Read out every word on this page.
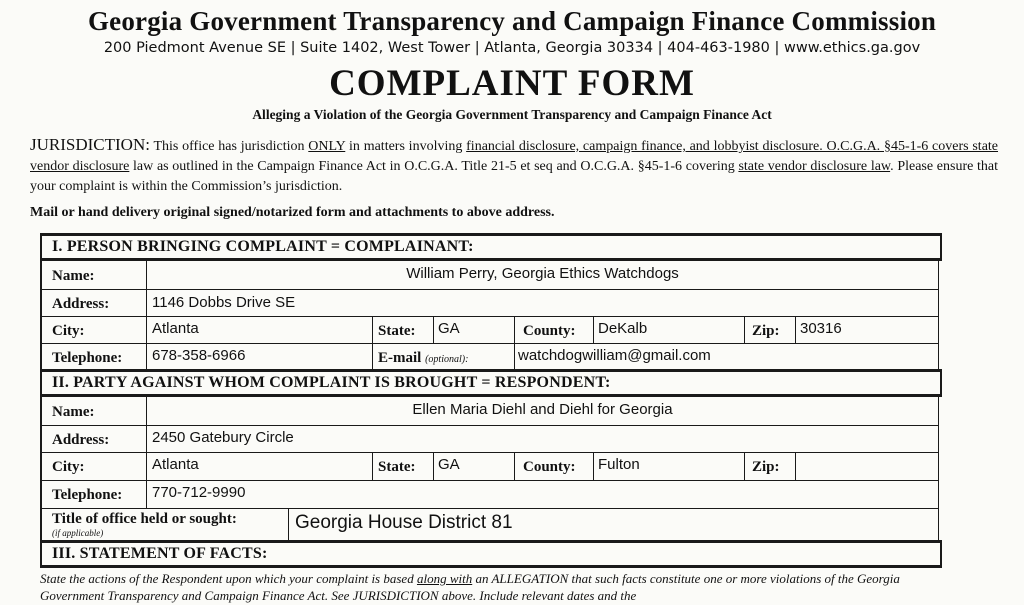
Georgia Government Transparency and Campaign Finance Commission
200 Piedmont Avenue SE | Suite 1402, West Tower | Atlanta, Georgia 30334 | 404-463-1980 | www.ethics.ga.gov
COMPLAINT FORM
Alleging a Violation of the Georgia Government Transparency and Campaign Finance Act
JURISDICTION: This office has jurisdiction ONLY in matters involving financial disclosure, campaign finance, and lobbyist disclosure. O.C.G.A. §45-1-6 covers state vendor disclosure law as outlined in the Campaign Finance Act in O.C.G.A. Title 21-5 et seq and O.C.G.A. §45-1-6 covering state vendor disclosure law. Please ensure that your complaint is within the Commission’s jurisdiction.
Mail or hand delivery original signed/notarized form and attachments to above address.
I. PERSON BRINGING COMPLAINT = COMPLAINANT:
Name:	William Perry, Georgia Ethics Watchdogs
Address:	1146 Dobbs Drive SE
City:	Atlanta	State: GA	County: DeKalb	Zip: 30316
Telephone: 678-358-6966	E-mail (optional):	watchdogwilliam@gmail.com
II. PARTY AGAINST WHOM COMPLAINT IS BROUGHT = RESPONDENT:
Name:	Ellen Maria Diehl and Diehl for Georgia
Address:	2450 Gatebury Circle
City:	Atlanta	State: GA	County: Fulton	Zip:
Telephone: 770-712-9990
Title of office held or sought:
(if applicable)	Georgia House District 81
III. STATEMENT OF FACTS:
State the actions of the Respondent upon which your complaint is based along with an ALLEGATION that such facts constitute one or more violations of the Georgia Government Transparency and Campaign Finance Act. See JURISDICTION above. Include relevant dates and the
